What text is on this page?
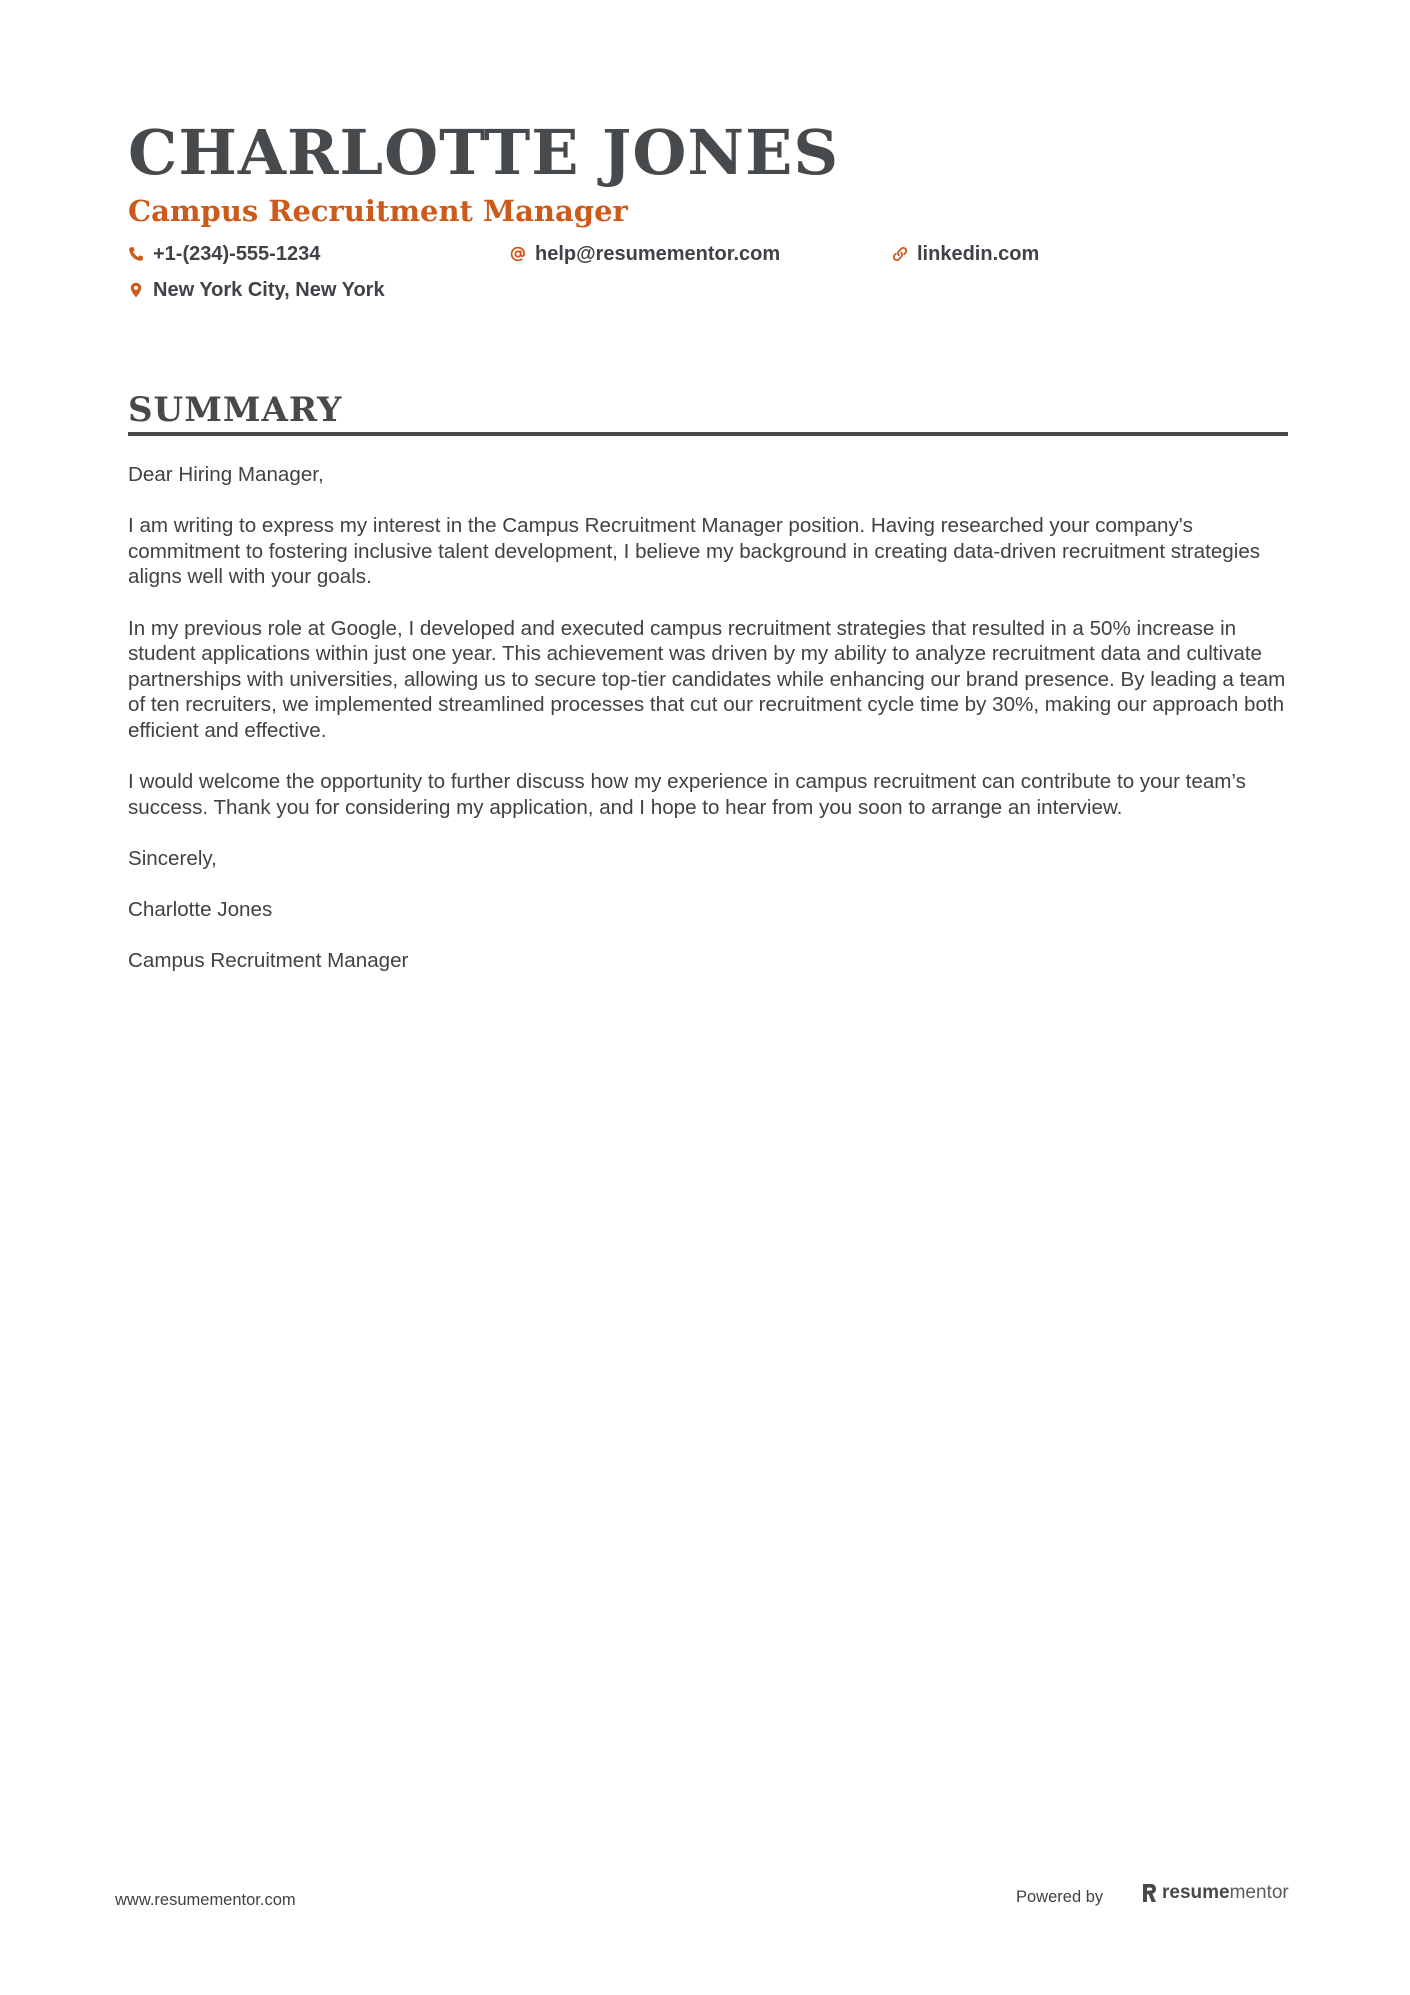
CHARLOTTE JONES
Campus Recruitment Manager
+1-(234)-555-1234	help@resumementor.com	linkedin.com
New York City, New York
SUMMARY

Dear Hiring Manager,

I am writing to express my interest in the Campus Recruitment Manager position. Having researched your company's commitment to fostering inclusive talent development, I believe my background in creating data-driven recruitment strategies aligns well with your goals.

In my previous role at Google, I developed and executed campus recruitment strategies that resulted in a 50% increase in student applications within just one year. This achievement was driven by my ability to analyze recruitment data and cultivate partnerships with universities, allowing us to secure top-tier candidates while enhancing our brand presence. By leading a team of ten recruiters, we implemented streamlined processes that cut our recruitment cycle time by 30%, making our approach both efficient and effective.

I would welcome the opportunity to further discuss how my experience in campus recruitment can contribute to your team’s success. Thank you for considering my application, and I hope to hear from you soon to arrange an interview.

Sincerely,

Charlotte Jones

Campus Recruitment Manager

www.resumementor.com	Powered by	resumementor
